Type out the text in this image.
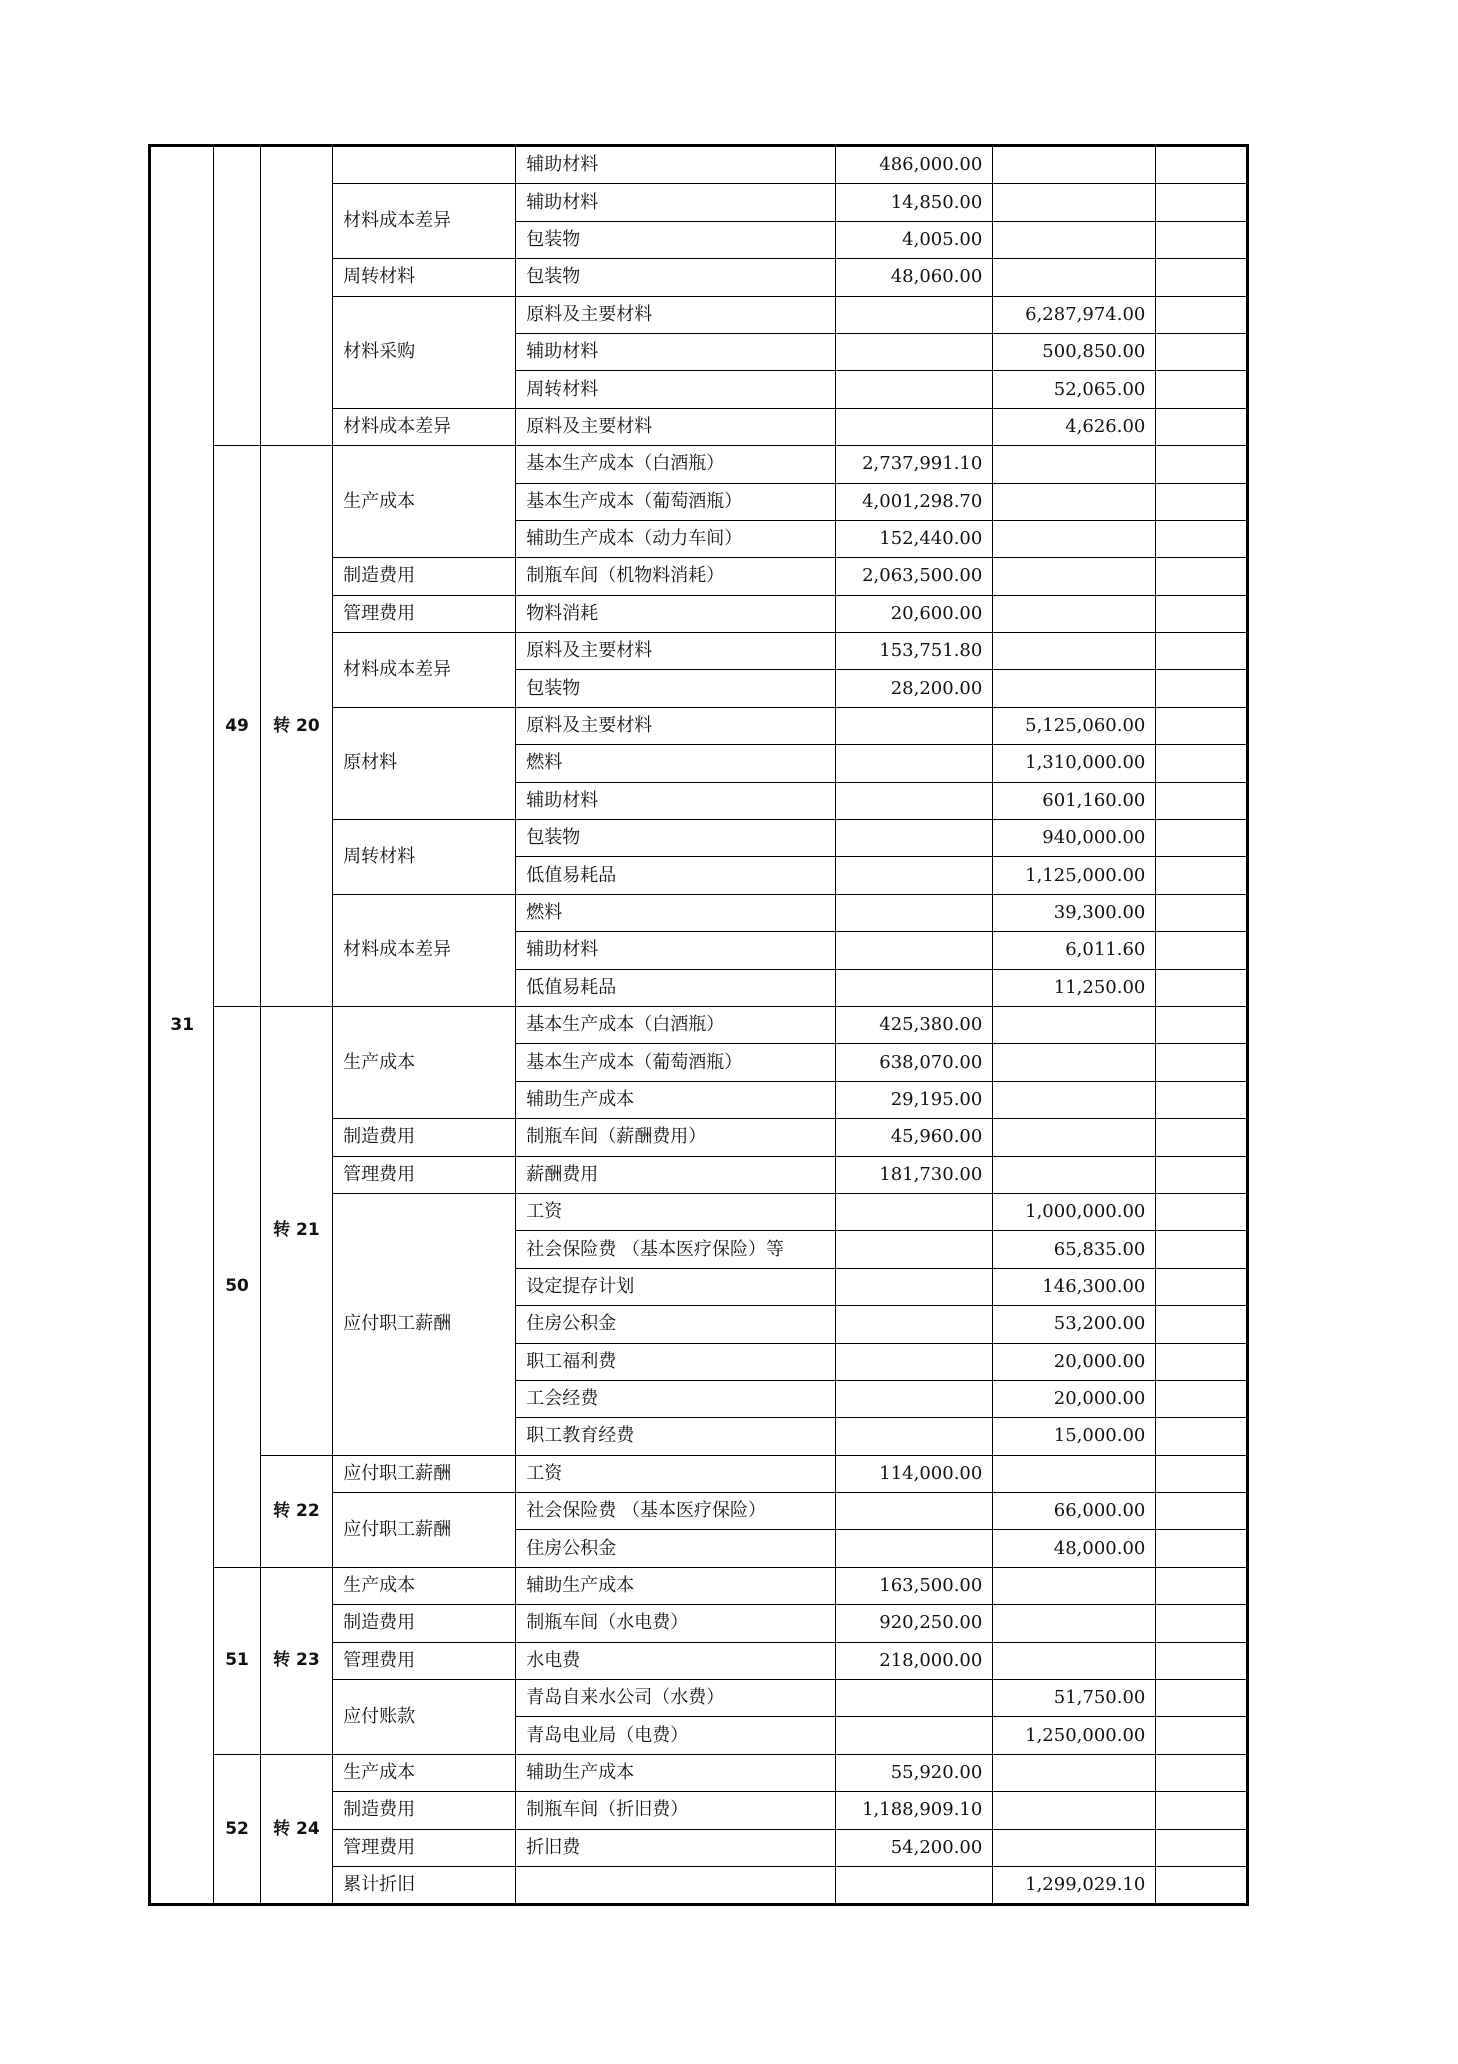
31				辅助材料	486,000.00		
			材料成本差异	辅助材料	14,850.00		
				包装物	4,005.00		
			周转材料	包装物	48,060.00		
			材料采购	原料及主要材料		6,287,974.00	
				辅助材料		500,850.00	
				周转材料		52,065.00	
			材料成本差异	原料及主要材料		4,626.00	
	49	转 20	生产成本	基本生产成本（白酒瓶）	2,737,991.10		
				基本生产成本（葡萄酒瓶）	4,001,298.70		
				辅助生产成本（动力车间）	152,440.00		
			制造费用	制瓶车间（机物料消耗）	2,063,500.00		
			管理费用	物料消耗	20,600.00		
			材料成本差异	原料及主要材料	153,751.80		
				包装物	28,200.00		
			原材料	原料及主要材料		5,125,060.00	
				燃料		1,310,000.00	
				辅助材料		601,160.00	
			周转材料	包装物		940,000.00	
				低值易耗品		1,125,000.00	
			材料成本差异	燃料		39,300.00	
				辅助材料		6,011.60	
				低值易耗品		11,250.00	
	50	转 21	生产成本	基本生产成本（白酒瓶）	425,380.00		
				基本生产成本（葡萄酒瓶）	638,070.00		
				辅助生产成本	29,195.00		
			制造费用	制瓶车间（薪酬费用）	45,960.00		
			管理费用	薪酬费用	181,730.00		
			应付职工薪酬	工资		1,000,000.00	
				社会保险费 （基本医疗保险）等		65,835.00	
				设定提存计划		146,300.00	
				住房公积金		53,200.00	
				职工福利费		20,000.00	
				工会经费		20,000.00	
				职工教育经费		15,000.00	
		转 22	应付职工薪酬	工资	114,000.00		
			应付职工薪酬	社会保险费 （基本医疗保险）		66,000.00	
				住房公积金		48,000.00	
	51	转 23	生产成本	辅助生产成本	163,500.00		
			制造费用	制瓶车间（水电费）	920,250.00		
			管理费用	水电费	218,000.00		
			应付账款	青岛自来水公司（水费）		51,750.00	
				青岛电业局（电费）		1,250,000.00	
	52	转 24	生产成本	辅助生产成本	55,920.00		
			制造费用	制瓶车间（折旧费）	1,188,909.10		
			管理费用	折旧费	54,200.00		
			累计折旧			1,299,029.10	
